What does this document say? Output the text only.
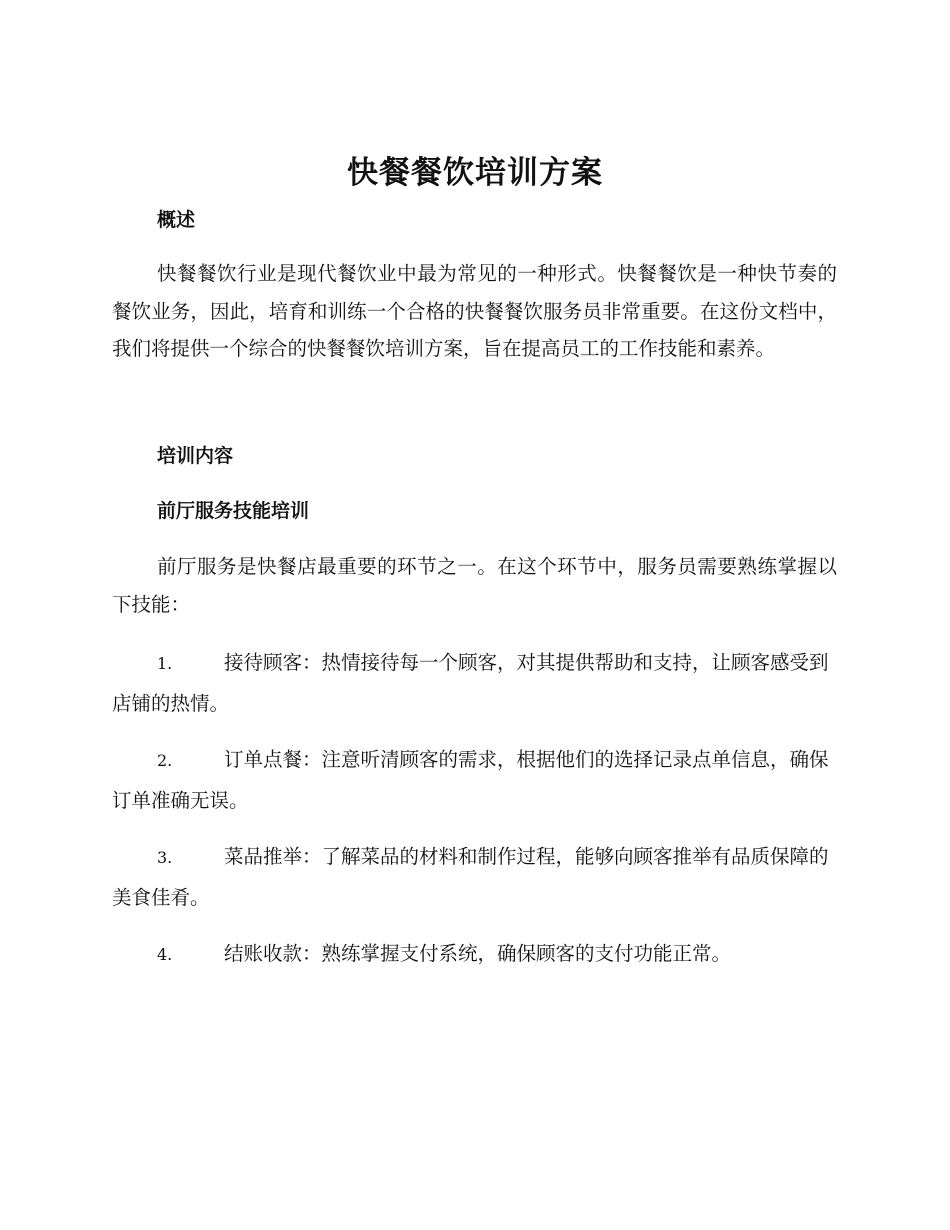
快餐餐饮培训方案
概述

快餐餐饮行业是现代餐饮业中最为常见的一种形式。快餐餐饮是一种快节奏的餐饮业务，因此，培育和训练一个合格的快餐餐饮服务员非常重要。在这份文档中，我们将提供一个综合的快餐餐饮培训方案，旨在提高员工的工作技能和素养。

培训内容
前厅服务技能培训

前厅服务是快餐店最重要的环节之一。在这个环节中，服务员需要熟练掌握以下技能：

1.	接待顾客：热情接待每一个顾客，对其提供帮助和支持，让顾客感受到店铺的热情。

2.	订单点餐：注意听清顾客的需求，根据他们的选择记录点单信息，确保订单准确无误。

3.	菜品推举：了解菜品的材料和制作过程，能够向顾客推举有品质保障的美食佳肴。

4.	结账收款：熟练掌握支付系统，确保顾客的支付功能正常。
